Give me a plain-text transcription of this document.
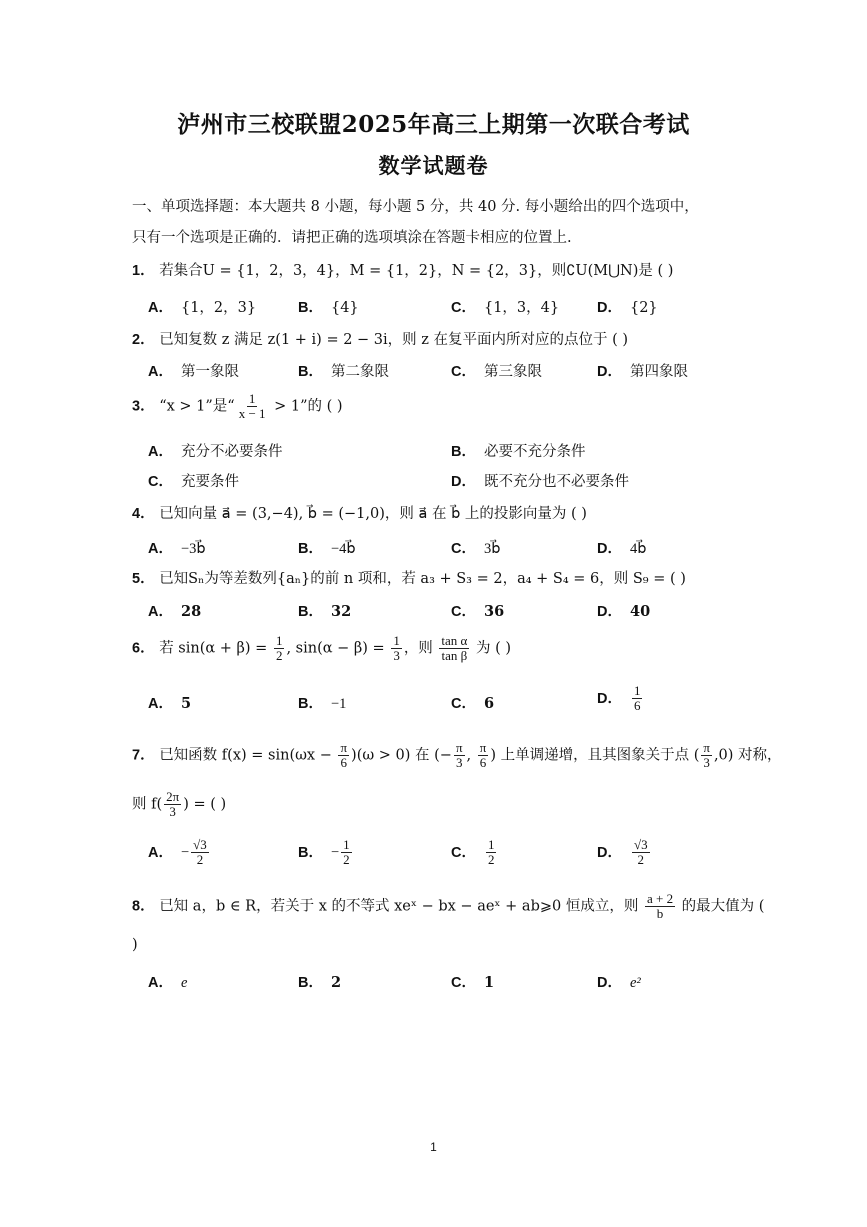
泸州市三校联盟2025年高三上期第一次联合考试
数学试题卷
一、单项选择题：本大题共 8 小题，每小题 5 分，共 40 分. 每小题给出的四个选项中，
只有一个选项是正确的．请把正确的选项填涂在答题卡相应的位置上.
1． 若集合U = {1，2，3，4}，M = {1，2}，N = {2，3}，则∁U(M⋃N)是 ( )
A． {1，2，3}	B． {4}	C． {1，3，4}	D． {2}
2． 已知复数 z 满足 z(1 + i) = 2 − 3i，则 z 在复平面内所对应的点位于 ( )
A． 第一象限	B． 第二象限	C． 第三象限	D． 第四象限
3． “x > 1”是“ $\frac{1}{x - 1} > 1$”的 ( )
A． 充分不必要条件	B． 必要不充分条件
C． 充要条件	D． 既不充分也不必要条件
4． 已知向量 a⃗ = (3,−4), b⃗ = (−1,0)，则 a⃗ 在 b⃗ 上的投影向量为 ( )
A． −3b⃗	B． −4b⃗	C． 3b⃗	D． 4b⃗
5． 已知Sₙ为等差数列{aₙ}的前 n 项和，若 a₃ + S₃ = 2，a₄ + S₄ = 6，则 S₉ = ( )
A． 28	B． 32	C． 36	D． 40
6． 若 $\sin(\alpha + \beta) = \frac{1}{2}$ , $\sin(\alpha - \beta) = \frac{1}{3}$ ，则 $\frac{\text{tan α}}{\text{tan β}}$ 为 ( )
A． 5	B． −1	C． 6	D． $\frac{1}{6}$
7． 已知函数 $f(x) = \sin(\omega x - \frac{\pi}{6} )(\omega > 0)$ 在 (− $\frac{\pi}{3}$ , $\frac{\pi}{6}$ ) 上单调递增，且其图象关于点 ( $\frac{\pi}{3} ,0$) 对称，
则 $f( \frac{2\pi}{3}$ ) = ( )
A． − $\frac{√3}{2}$	B． − $\frac{1}{2}$	C． $\frac{1}{2}$	D． $\frac{√3}{2}$
8． 已知 a，b ∈ R，若关于 x 的不等式 xeˣ − bx − aeˣ + ab⩾0 恒成立，则 $\frac{a + 2}{b}$ 的最大值为 (
)
A． e	B． 2	C． 1	D． e²
1
